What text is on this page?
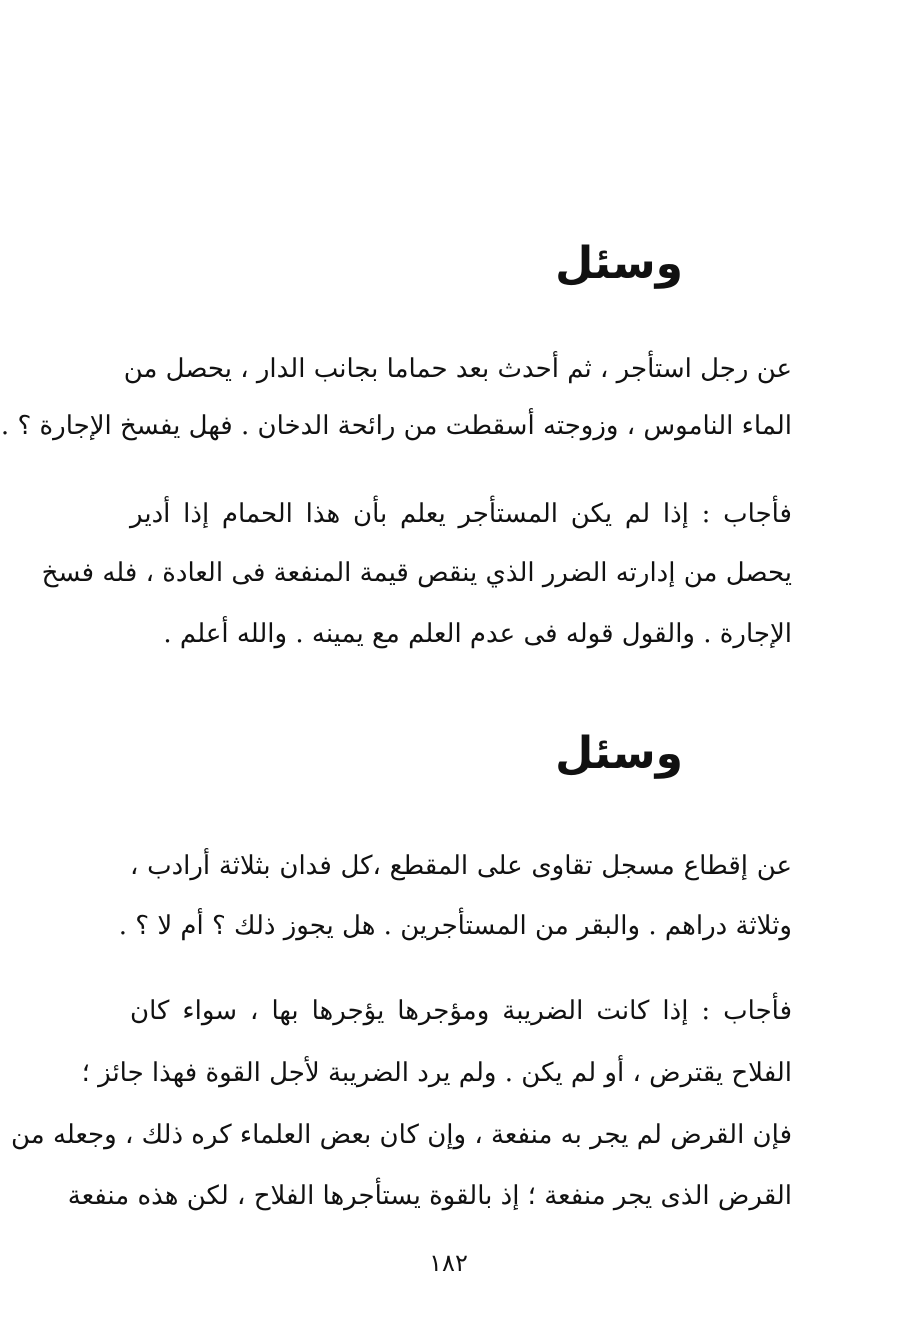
وسئل
عن رجل استأجر ، ثم أحدث بعد حماما بجانب الدار ، يحصل من
الماء الناموس ، وزوجته أسقطت من رائحة الدخان . فهل يفسخ الإجارة ؟ .
فأجاب : إذا لم يكن المستأجر يعلم بأن هذا الحمام إذا أدير
يحصل من إدارته الضرر الذي ينقص قيمة المنفعة فى العادة ، فله فسخ
الإجارة . والقول قوله فى عدم العلم مع يمينه . والله أعلم .
وسئل
عن إقطاع مسجل تقاوى على المقطع ،كل فدان بثلاثة أرادب ،
وثلاثة دراهم . والبقر من المستأجرين . هل يجوز ذلك ؟ أم لا ؟ .
فأجاب : إذا كانت الضريبة ومؤجرها يؤجرها بها ، سواء كان
الفلاح يقترض ، أو لم يكن . ولم يرد الضريبة لأجل القوة فهذا جائز ؛
فإن القرض لم يجر به منفعة ، وإن كان بعض العلماء كره ذلك ، وجعله من
القرض الذى يجر منفعة ؛ إذ بالقوة يستأجرها الفلاح ، لكن هذه منفعة
١٨٢
